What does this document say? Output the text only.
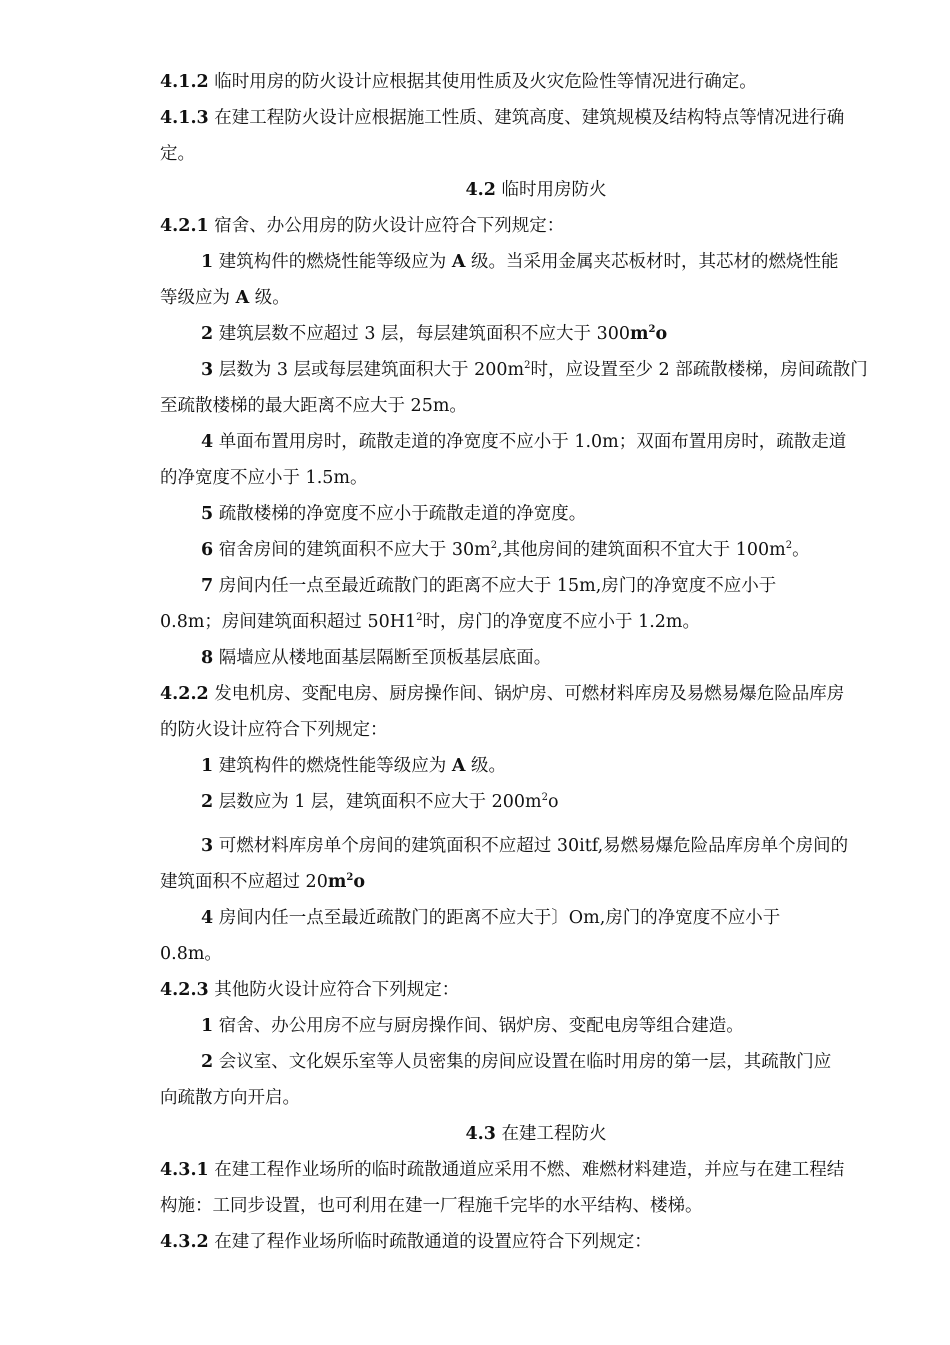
4.1.2 临时用房的防火设计应根据其使用性质及火灾危险性等情况进行确定。
4.1.3 在建工程防火设计应根据施工性质、建筑高度、建筑规模及结构特点等情况进行确
定。
4.2 临时用房防火
4.2.1 宿舍、办公用房的防火设计应符合下列规定：
1 建筑构件的燃烧性能等级应为 A 级。当采用金属夹芯板材时，其芯材的燃烧性能
等级应为 A 级。
2 建筑层数不应超过 3 层，每层建筑面积不应大于 $300m^2o$
3 层数为 3 层或每层建筑面积大于 $200m^2$时，应设置至少 2 部疏散楼梯，房间疏散门
至疏散楼梯的最大距离不应大于 25m。
4 单面布置用房时，疏散走道的净宽度不应小于 1.0m；双面布置用房时，疏散走道
的净宽度不应小于 1.5m。
5 疏散楼梯的净宽度不应小于疏散走道的净宽度。
6 宿舍房间的建筑面积不应大于 $30m^2$,其他房间的建筑面积不宜大于 $100m^2$。
7 房间内任一点至最近疏散门的距离不应大于 15m,房门的净宽度不应小于
0.8m；房间建筑面积超过 $50H1^2$时，房门的净宽度不应小于 1.2m。
8 隔墙应从楼地面基层隔断至顶板基层底面。
4.2.2 发电机房、变配电房、厨房操作间、锅炉房、可燃材料库房及易燃易爆危险品库房
的防火设计应符合下列规定：
1 建筑构件的燃烧性能等级应为 A 级。
2 层数应为 1 层，建筑面积不应大于 $200m^2o$
3 可燃材料库房单个房间的建筑面积不应超过 30itf,易燃易爆危险品库房单个房间的
建筑面积不应超过 $20m^2o$
4 房间内任一点至最近疏散门的距离不应大于〕Om,房门的净宽度不应小于
0.8m。
4.2.3 其他防火设计应符合下列规定：
1 宿舍、办公用房不应与厨房操作间、锅炉房、变配电房等组合建造。
2 会议室、文化娱乐室等人员密集的房间应设置在临时用房的第一层，其疏散门应
向疏散方向开启。
4.3 在建工程防火
4.3.1 在建工程作业场所的临时疏散通道应采用不燃、难燃材料建造，并应与在建工程结
构施：工同步设置，也可利用在建一厂程施千完毕的水平结构、楼梯。
4.3.2 在建了程作业场所临时疏散通道的设置应符合下列规定：
